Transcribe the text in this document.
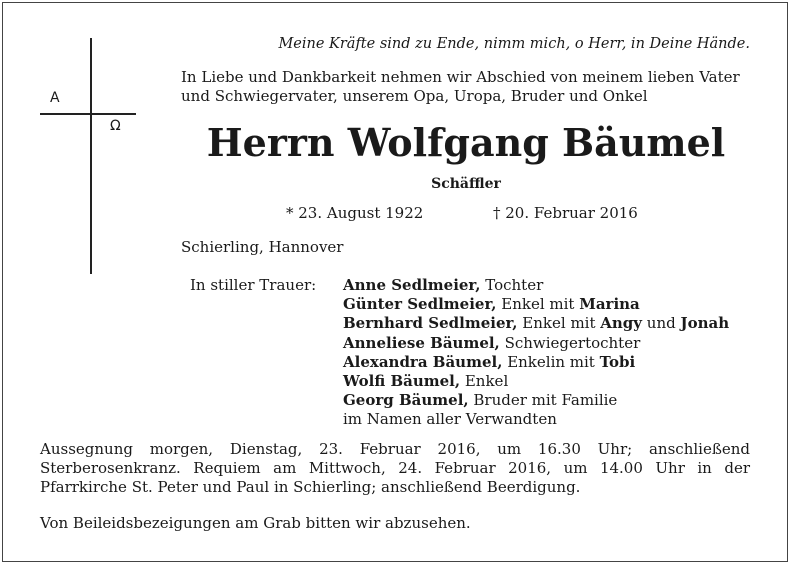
A
Ω
Meine Kräfte sind zu Ende, nimm mich, o Herr, in Deine Hände.
In Liebe und Dankbarkeit nehmen wir Abschied von meinem lieben Vater und Schwiegervater, unserem Opa, Uropa, Bruder und Onkel
Herrn Wolfgang Bäumel
Schäffler
* 23. August 1922	† 20. Februar 2016
Schierling, Hannover
In stiller Trauer: Anne Sedlmeier, Tochter
Günter Sedlmeier, Enkel mit Marina
Bernhard Sedlmeier, Enkel mit Angy und Jonah
Anneliese Bäumel, Schwiegertochter
Alexandra Bäumel, Enkelin mit Tobi
Wolfi Bäumel, Enkel
Georg Bäumel, Bruder mit Familie
im Namen aller Verwandten
Aussegnung morgen, Dienstag, 23. Februar 2016, um 16.30 Uhr; anschließend Sterberosenkranz. Requiem am Mittwoch, 24. Februar 2016, um 14.00 Uhr in der Pfarrkirche St. Peter und Paul in Schierling; anschließend Beerdigung.
Von Beileidsbezeigungen am Grab bitten wir abzusehen.
